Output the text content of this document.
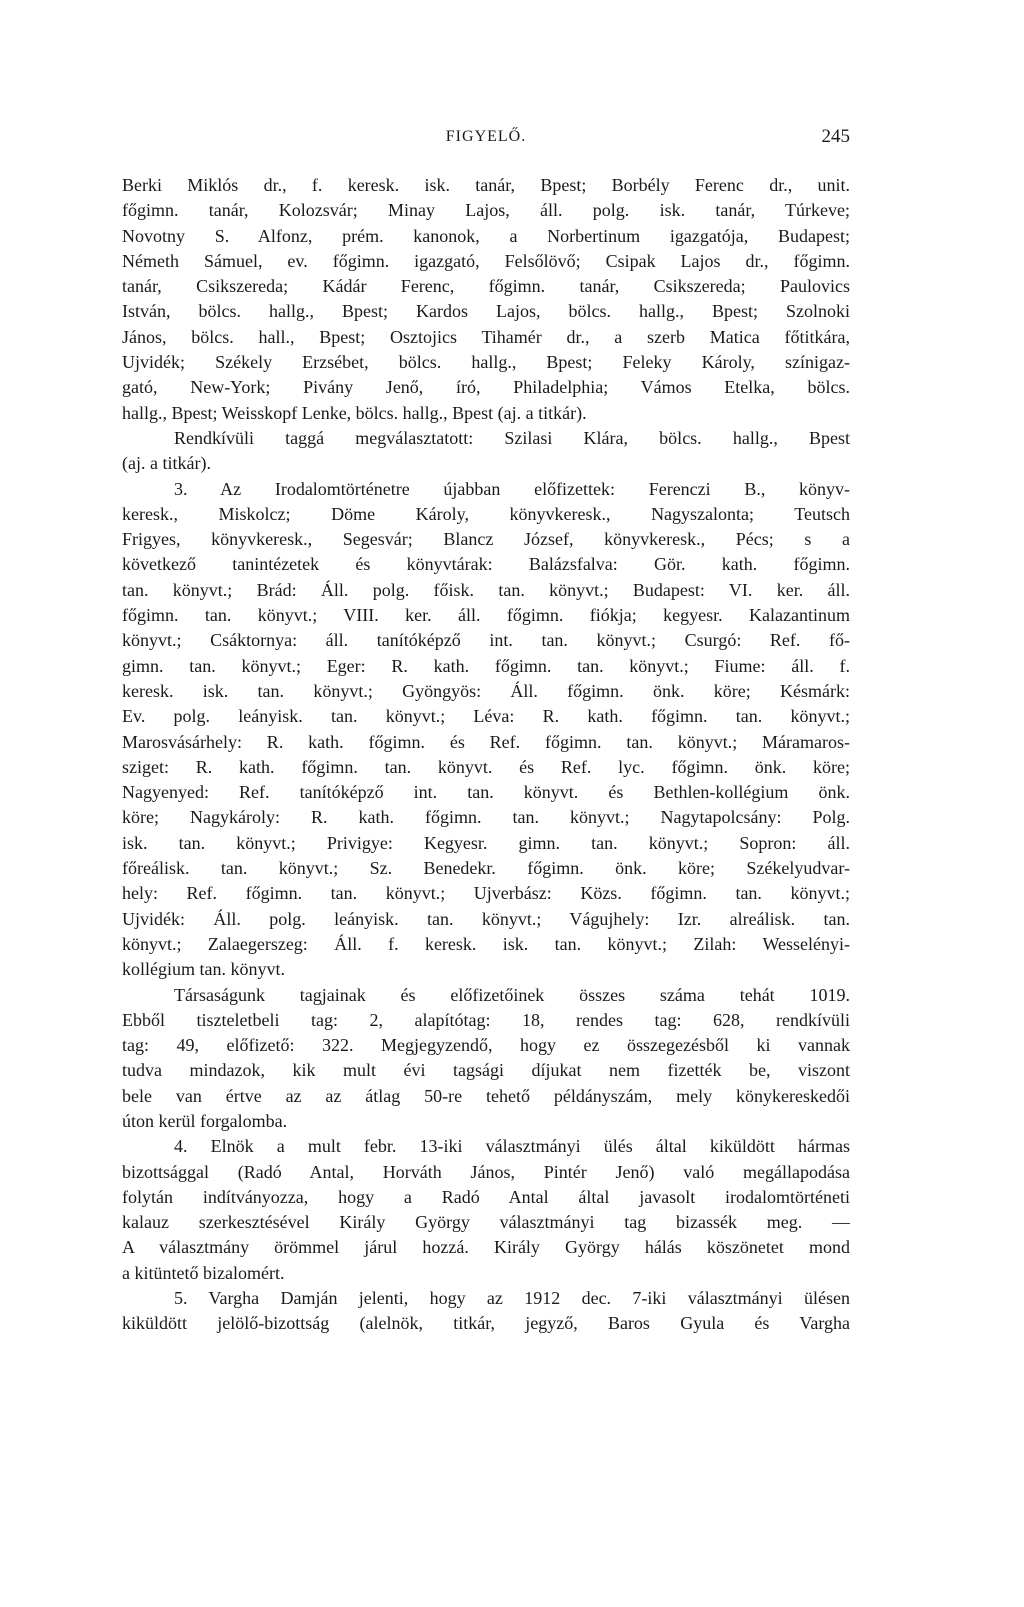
FIGYELŐ.	245
Berki Miklós dr., f. keresk. isk. tanár, Bpest; Borbély Ferenc dr., unit.
főgimn. tanár, Kolozsvár; Minay Lajos, áll. polg. isk. tanár, Túrkeve;
Novotny S. Alfonz, prém. kanonok, a Norbertinum igazgatója, Budapest;
Németh Sámuel, ev. főgimn. igazgató, Felsőlövő; Csipak Lajos dr., főgimn.
tanár, Csikszereda; Kádár Ferenc, főgimn. tanár, Csikszereda; Paulovics
István, bölcs. hallg., Bpest; Kardos Lajos, bölcs. hallg., Bpest; Szolnoki
János, bölcs. hall., Bpest; Osztojics Tihamér dr., a szerb Matica főtitkára,
Ujvidék; Székely Erzsébet, bölcs. hallg., Bpest; Feleky Károly, színigaz-
gató, New-York; Pivány Jenő, író, Philadelphia; Vámos Etelka, bölcs.
hallg., Bpest; Weisskopf Lenke, bölcs. hallg., Bpest (aj. a titkár).
Rendkívüli taggá megválasztatott: Szilasi Klára, bölcs. hallg., Bpest
(aj. a titkár).
3. Az Irodalomtörténetre újabban előfizettek: Ferenczi B., könyv-
keresk., Miskolcz; Döme Károly, könyvkeresk., Nagyszalonta; Teutsch
Frigyes, könyvkeresk., Segesvár; Blancz József, könyvkeresk., Pécs; s a
következő tanintézetek és könyvtárak: Balázsfalva: Gör. kath. főgimn.
tan. könyvt.; Brád: Áll. polg. főisk. tan. könyvt.; Budapest: VI. ker. áll.
főgimn. tan. könyvt.; VIII. ker. áll. főgimn. fiókja; kegyesr. Kalazantinum
könyvt.; Csáktornya: áll. tanítóképző int. tan. könyvt.; Csurgó: Ref. fő-
gimn. tan. könyvt.; Eger: R. kath. főgimn. tan. könyvt.; Fiume: áll. f.
keresk. isk. tan. könyvt.; Gyöngyös: Áll. főgimn. önk. köre; Késmárk:
Ev. polg. leányisk. tan. könyvt.; Léva: R. kath. főgimn. tan. könyvt.;
Marosvásárhely: R. kath. főgimn. és Ref. főgimn. tan. könyvt.; Máramaros-
sziget: R. kath. főgimn. tan. könyvt. és Ref. lyc. főgimn. önk. köre;
Nagyenyed: Ref. tanítóképző int. tan. könyvt. és Bethlen-kollégium önk.
köre; Nagykároly: R. kath. főgimn. tan. könyvt.; Nagytapolcsány: Polg.
isk. tan. könyvt.; Privigye: Kegyesr. gimn. tan. könyvt.; Sopron: áll.
főreálisk. tan. könyvt.; Sz. Benedekr. főgimn. önk. köre; Székelyudvar-
hely: Ref. főgimn. tan. könyvt.; Ujverbász: Közs. főgimn. tan. könyvt.;
Ujvidék: Áll. polg. leányisk. tan. könyvt.; Vágujhely: Izr. alreálisk. tan.
könyvt.; Zalaegerszeg: Áll. f. keresk. isk. tan. könyvt.; Zilah: Wesselényi-
kollégium tan. könyvt.
Társaságunk tagjainak és előfizetőinek összes száma tehát 1019.
Ebből tiszteletbeli tag: 2, alapítótag: 18, rendes tag: 628, rendkívüli
tag: 49, előfizető: 322. Megjegyzendő, hogy ez összegezésből ki vannak
tudva mindazok, kik mult évi tagsági díjukat nem fizették be, viszont
bele van értve az az átlag 50-re tehető példányszám, mely könykereskedői
úton kerül forgalomba.
4. Elnök a mult febr. 13-iki választmányi ülés által kiküldött hármas
bizottsággal (Radó Antal, Horváth János, Pintér Jenő) való megállapodása
folytán indítványozza, hogy a Radó Antal által javasolt irodalomtörténeti
kalauz szerkesztésével Király György választmányi tag bizassék meg. —
A választmány örömmel járul hozzá. Király György hálás köszönetet mond
a kitüntető bizalomért.
5. Vargha Damján jelenti, hogy az 1912 dec. 7-iki választmányi ülésen
kiküldött jelölő-bizottság (alelnök, titkár, jegyző, Baros Gyula és Vargha
